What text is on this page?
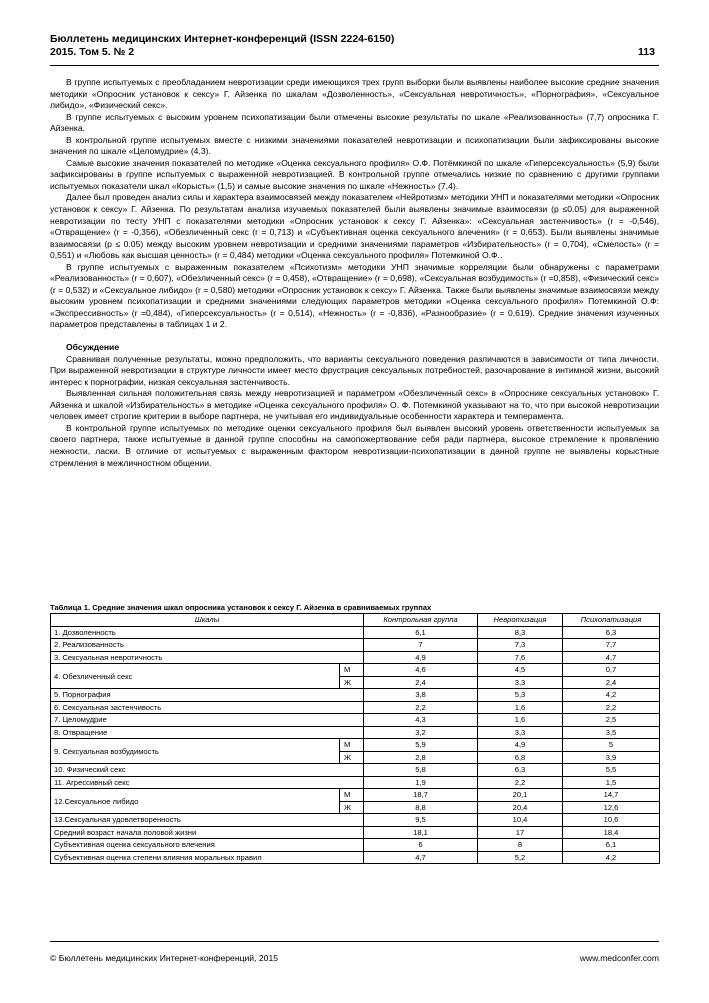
Бюллетень медицинских Интернет-конференций (ISSN 2224-6150)
2015. Том 5. № 2	113

В группе испытуемых с преобладанием невротизации среди имеющихся трех групп выборки были выявлены наиболее высокие средние значения методики «Опросник установок к сексу» Г. Айзенка по шкалам «Дозволенность», «Сексуальная невротичность», «Порнография», «Сексуальное либидо», «Физический секс».

В группе испытуемых с высоким уровнем психопатизации были отмечены высокие результаты по шкале «Реализованность» (7,7) опросника Г. Айзенка.

В контрольной группе испытуемых вместе с низкими значениями показателей невротизации и психопатизации были зафиксированы высокие значения по шкале «Целомудрие» (4,3).

Самые высокие значения показателей по методике «Оценка сексуального профиля» О.Ф. Потёмкиной по шкале «Гиперсексуальность» (5,9) были зафиксированы в группе испытуемых с выраженной невротизацией. В контрольной группе отмечались низкие по сравнению с другими группами испытуемых показатели шкал «Корысть» (1,5) и самые высокие значения по шкале «Нежность» (7,4).

Далее был проведен анализ силы и характера взаимосвязей между показателем «Нейротизм» методики УНП и показателями методики «Опросник установок к сексу» Г. Айзенка. По результатам анализа изучаемых показателей были выявлены значимые взаимосвязи (p ≤0.05) для выраженной невротизации по тесту УНП с показателями методики «Опросник установок к сексу Г. Айзенка»: «Сексуальная застенчивость» (r = -0,546), «Отвращение» (r = -0,356), «Обезличенный секс (r = 0,713) и «Субъективная оценка сексуального влечения» (r = 0,653). Были выявлены значимые взаимосвязи (p ≤ 0.05) между высоким уровнем невротизации и средними значениями параметров «Избирательность» (r = 0,704), «Смелость» (r = 0,551) и «Любовь как высшая ценность» (r = 0,484) методики «Оценка сексуального профиля» Потемкиной О.Ф..

В группе испытуемых с выраженным показателем «Психотизм» методики УНП значимые корреляции были обнаружены с параметрами «Реализованность» (r = 0,607), «Обезличенный секс» (r = 0,458), «Отвращение» (r = 0,698), «Сексуальная возбудимость» (r =0,858), «Физический секс» (r = 0,532) и «Сексуальное либидо» (r = 0,580) методики «Опросник установок к сексу» Г. Айзенка. Также были выявлены значимые взаимосвязи между высоким уровнем психопатизации и средними значениями следующих параметров методики «Оценка сексуального профиля» Потемкиной О.Ф: «Экспрессивность» (r =0,484), «Гиперсексуальность» (r = 0,514), «Нежность» (r = -0,836), «Разнообразие» (r = 0,619). Средние значения изученных параметров представлены в таблицах 1 и 2.

Обсуждение

Сравнивая полученные результаты, можно предположить, что варианты сексуального поведения различаются в зависимости от типа личности. При выраженной невротизации в структуре личности имеет место фрустрация сексуальных потребностей, разочарование в интимной жизни, высокий интерес к порнографии, низкая сексуальная застенчивость.

Выявленная сильная положительная связь между невротизацией и параметром «Обезличенный секс» в «Опроснике сексуальных установок» Г. Айзенка и шкалой «Избирательность» в методике «Оценка сексуального профиля» О. Ф. Потемкиной указывают на то, что при высокой невротизации человек имеет строгие критерии в выборе партнера, не учитывая его индивидуальные особенности характера и темперамента.

В контрольной группе испытуемых по методике оценки сексуального профиля был выявлен высокий уровень ответственности испытуемых за своего партнера, также испытуемые в данной группе способны на самопожертвование себя ради партнера, высокое стремление к проявлению нежности, ласки. В отличие от испытуемых с выраженным фактором невротизации-психопатизации в данной группе не выявлены корыстные стремления в межличностном общении.

Таблица 1. Средние значения шкал опросника установок к сексу Г. Айзенка в сравниваемых группах
Шкалы		Контрольная группа	Невротизация	Психопатизация
1. Дозволенность		6,1	8,3	6,3
2. Реализованность		7	7,3	7,7
3. Сексуальная невротичность		4,9	7,6	4,7
4. Обезличенный секс	М	4,6	4,5	0,7
	Ж	2,4	3,3	2,4
5. Порнография		3,8	5,3	4,2
6. Сексуальная застенчивость		2,2	1,6	2,2
7. Целомудрие		4,3	1,6	2,5
8. Отвращение		3,2	3,3	3,5
9. Сексуальная возбудимость	М	5,9	4,9	5
	Ж	2,8	6,8	3,9
10. Физический секс		5,8	6,3	5,5
11. Агрессивный секс		1,9	2,2	1,5
12.Сексуальное либидо	М	18,7	20,1	14,7
	Ж	8,8	20,4	12,6
13.Сексуальная удовлетворенность		9,5	10,4	10,6
Средний возраст начала половой жизни		18,1	17	18,4
Субъективная оценка сексуального влечения		6	8	6,1
Субъективная оценка степени влияния моральных правил		4,7	5,2	4,2
© Бюллетень медицинских Интернет-конференций, 2015	www.medconfer.com
